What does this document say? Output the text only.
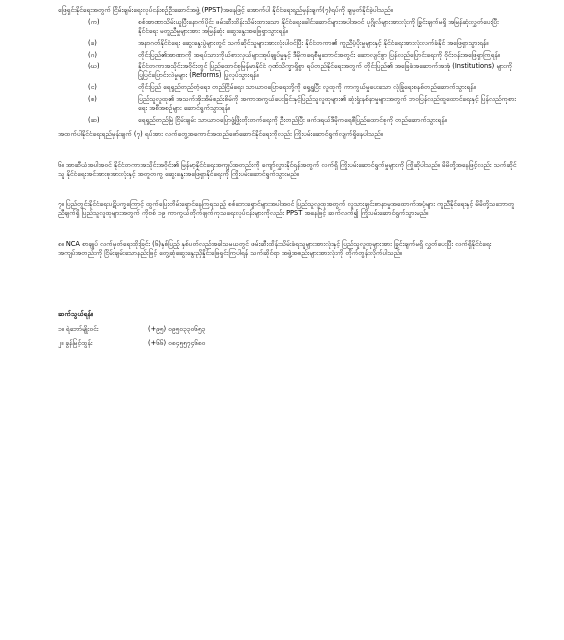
ဖြေရှင်းနိုင်ရေးအတွက် ငြိမ်းချမ်းရေးလုပ်ငန်းစဉ်ဦးဆောင်အဖွဲ့ (PPST)အနေဖြင့် အောက်ပါ နိုင်ငံရေးရည်မှန်းချက်(၇)ရပ်ကို ချမှတ်နိုင်ခဲ့ပါသည်။

(က)	စစ်အာဏာသိမ်းယူပြီးနောက်ပိုင်း ဖမ်းဆီးထိန်းသိမ်းထားသော နိုင်ငံရေးခေါင်းဆောင်များအပါအဝင် ပုဂ္ဂိုလ်များအားလုံးကို ခြွင်းချက်မရှိ အမြန်ဆုံးလွှတ်ပေးပြီး နိုင်ငံရေး မတူညီမှုများအား အမြန်ဆုံး ဆွေးနွေးအဖြေရှာသွားရန်။
(ခ)	အနာဂတ်နိုင်ငံရေး ဆွေးနွေးပွဲများတွင် သက်ဆိုင်သူများအားလုံးပါဝင်ပြီး နိုင်ငံတကာ၏ ကူညီပံ့ပိုးမှုများနှင့် နိုင်ငံရေးအားလုံးလက်ခံနိုင် အဖြေရှာသွားရန်။
(ဂ)	တိုင်းပြည်၏အာဏာကို အရပ်သားကိုယ်စားလှယ်များအုပ်ချုပ်မှုနှင့် ဒီမိုကရေစီမူဘောင်အတွင်း ဆောလျင်စွာ ပြန်လည်ပြောင်းရေးကို ဝိုင်းဝန်းအဖြေရှာကြရန်။
(ဃ)	နိုင်ငံတကာအသိုင်းအဝိုင်းတွင် ပြည်ထောင်စုမြန်မာနိုင်ငံ ဂုဏ်သိက္ခာရှိစွာ ရပ်တည်နိုင်ရေးအတွက် တိုင်းပြည်၏ အခြေခံအဆောက်အအုံ (Institutions) များကို ပြုပြင်ပြောင်းလဲမှုများ (Reforms) ပြုလုပ်သွားရန်။
(င)	တိုင်းပြည် ရေရှည်တည်တံ့ရေး၊ တည်ငြိမ်ရေး၊ သာယာဝပြောရေးတို့ကို ရှေ့ရှုပြီး လူထုကို ကာကွယ်မှုပေးသော လုံခြုံရေးစနစ်တည်ဆောက်သွားရန်။
(စ)	ပြည်သူလူထု၏ အသက်အိုးအိမ်စည်းစိမ်ကို အကာအကွယ်ပေးခြင်းနှင့်ပြည်သူလူထုများ၏ ဆုံးရှုံးနစ်နာမှုများအတွက် ဘဝပြန်လည်ထူထောင်ရေးနှင့် ပြန်လည်ကုစားရေး အစီအစဉ်များ ဆောင်ရွက်သွားရန်။
(ဆ)	ရေရှည်တည်မြဲ ငြိမ်းချမ်း သာယာဝပြောဖွံ့ဖြိုးတိုးတက်ရေးကို ဦးတည်ပြီး ဖက်ဒရယ်ဒီမိုကရေစီပြည်ထောင်စုကို တည်ဆောက်သွားရန်။

အထက်ပါနိုင်ငံရေးရည်မှန်းချက် (၇) ရပ်အား လက်တွေ့အကောင်အထည်ဖော်ဆောင်နိုင်ရေးကိုလည်း ကြိုးပမ်းဆောင်ရွက်လျက်ရှိနေပါသည်။

၆။ အာဆီယံအပါအဝင် နိုင်ငံတကာအသိုင်းအဝိုင်း၏ မြန်မာ့နိုင်ငံရေးအကျပ်အတည်းကို ကျော်လွှားနိုင်ရန်အတွက် လက်ရှိ ကြိုးပမ်းဆောင်ရွက်မှုများကို ကြိုဆိုပါသည်။ မိမိတို့အနေဖြင့်လည်း သက်ဆိုင်သူ နိုင်ငံရေးအင်အားစုအားလုံးနှင့် အတူတကွ ဆွေးနွေးအဖြေရှာနိုင်ရေးကို ကြိုးပမ်းဆောင်ရွက်သွားမည်။

၇။ ပြည်တွင်းနိုင်ငံရေးပဋိပက္ခကြောင့် ထွက်ပြေးတိမ်းရှောင်နေကြရသည့် စစ်ဘေးရှောင်များအပါအဝင် ပြည်သူလူထုအတွက် လူသားချင်းစာနာမှုအထောက်အပံ့များ ကူညီနိုင်ရေးနှင့် မိမိတို့သဘောတူညီချက်ရှိ ပြည်သူလူထုများအတွက် ကိုဗစ် ၁၉ ကာကွယ်တိုက်ဖျက်ကုသရေးလုပ်ငန်းများကိုလည်း PPST အနေဖြင့် ဆက်လက်၍ ကြိုးပမ်းဆောင်ရွက်သွားမည်။

၈။ NCA စာချုပ် လက်မှတ်ရေးထိုးခြင်း (၆)နှစ်ပြည့် နှစ်ပတ်လည်အခါသမယတွင် ဖမ်းဆီးထိန်းသိမ်းခံရသူများအားလုံးနှင့် ပြည်သူလူထုများအား ခြွင်းချက်မရှိ လွှတ်ပေးပြီး လက်ရှိနိုင်ငံရေးအကျပ်အတည်းကို ငြိမ်းချမ်းသောနည်းဖြင့် တွေ့ဆုံဆွေးနွေးညှိနှိုင်းဖြေရှင်းကြပါရန် သက်ဆိုင်ရာ အဖွဲ့အစည်းများအားလုံးကို တိုက်တွန်းလိုက်ပါသည်။

ဆက်သွယ်ရန်။
၁။ ရဲဘော်မျိုးဝင်း	(+၉၅) ၀၉၅၀၃၃၀၆၅၃
၂။ ခွန်မြင့်ထွန်း	(+၆၆) ၀၈၄၅၅၇၄၆၈၀
